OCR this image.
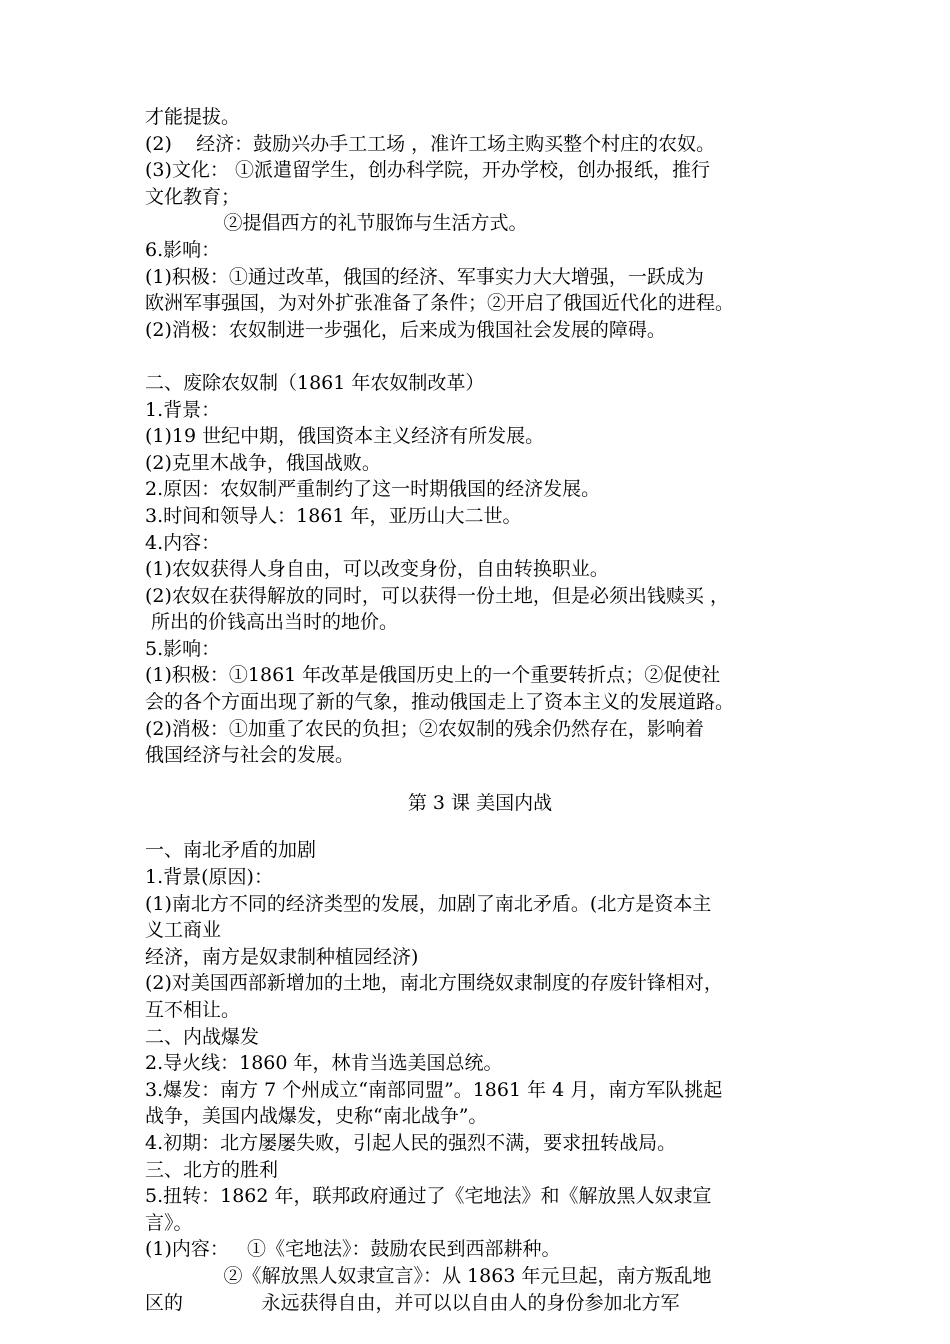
才能提拔。
(2)    经济：鼓励兴办手工工场 ，准许工场主购买整个村庄的农奴。
(3)文化： ①派遣留学生，创办科学院，开办学校，创办报纸，推行
文化教育；
②提倡西方的礼节服饰与生活方式。
6.影响：
(1)积极：①通过改革，俄国的经济、军事实力大大增强，一跃成为
欧洲军事强国，为对外扩张准备了条件；②开启了俄国近代化的进程。
(2)消极：农奴制进一步强化，后来成为俄国社会发展的障碍。
二、废除农奴制（1861 年农奴制改革）
1.背景：
(1)19 世纪中期，俄国资本主义经济有所发展。
(2)克里木战争，俄国战败。
2.原因：农奴制严重制约了这一时期俄国的经济发展。
3.时间和领导人：1861 年，亚历山大二世。
4.内容：
(1)农奴获得人身自由，可以改变身份，自由转换职业。
(2)农奴在获得解放的同时，可以获得一份土地，但是必须出钱赎买 ，
所出的价钱高出当时的地价。
5.影响：
(1)积极：①1861 年改革是俄国历史上的一个重要转折点；②促使社
会的各个方面出现了新的气象，推动俄国走上了资本主义的发展道路。
(2)消极：①加重了农民的负担；②农奴制的残余仍然存在，影响着
俄国经济与社会的发展。
第 3 课 美国内战
一、南北矛盾的加剧
1.背景(原因)：
(1)南北方不同的经济类型的发展，加剧了南北矛盾。(北方是资本主
义工商业
经济，南方是奴隶制种植园经济)
(2)对美国西部新增加的土地，南北方围绕奴隶制度的存废针锋相对，
互不相让。
二、内战爆发
2.导火线：1860 年，林肯当选美国总统。
3.爆发：南方 7 个州成立“南部同盟”。1861 年 4 月，南方军队挑起
战争，美国内战爆发，史称“南北战争”。
4.初期：北方屡屡失败，引起人民的强烈不满，要求扭转战局。
三、北方的胜利
5.扭转：1862 年，联邦政府通过了《宅地法》和《解放黑人奴隶宣
言》。
(1)内容：   ①《宅地法》：鼓励农民到西部耕种。
②《解放黑人奴隶宣言》：从 1863 年元旦起，南方叛乱地
区的             永远获得自由，并可以以自由人的身份参加北方军
